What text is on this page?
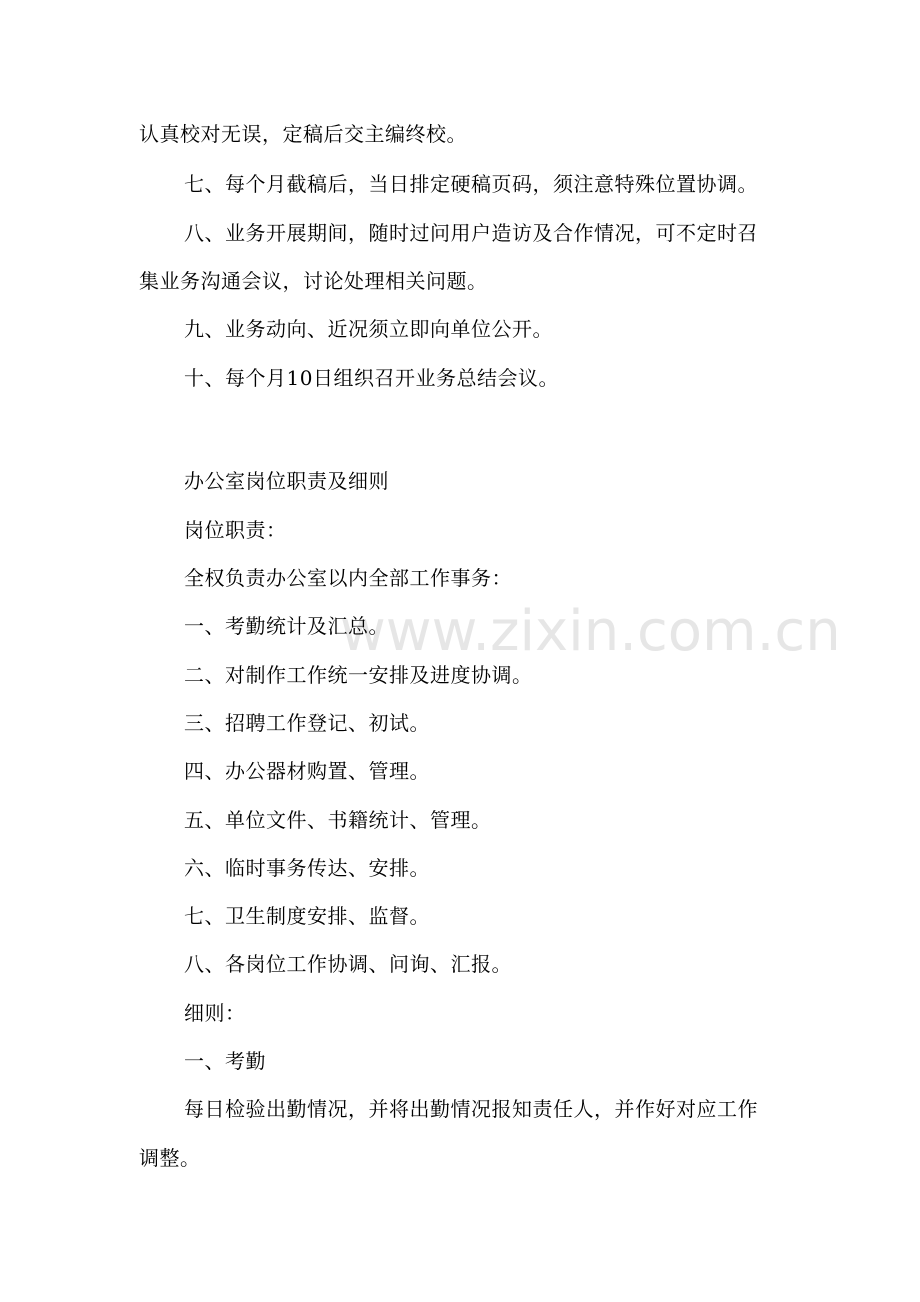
www.zixin.com.cn
认真校对无误，定稿后交主编终校。
七、每个月截稿后，当日排定硬稿页码，须注意特殊位置协调。
八、业务开展期间，随时过问用户造访及合作情况，可不定时召
集业务沟通会议，讨论处理相关问题。
九、业务动向、近况须立即向单位公开。
十、每个月10日组织召开业务总结会议。
办公室岗位职责及细则
岗位职责：
全权负责办公室以内全部工作事务：
一、考勤统计及汇总。
二、对制作工作统一安排及进度协调。
三、招聘工作登记、初试。
四、办公器材购置、管理。
五、单位文件、书籍统计、管理。
六、临时事务传达、安排。
七、卫生制度安排、监督。
八、各岗位工作协调、问询、汇报。
细则：
一、考勤
每日检验出勤情况，并将出勤情况报知责任人，并作好对应工作
调整。
